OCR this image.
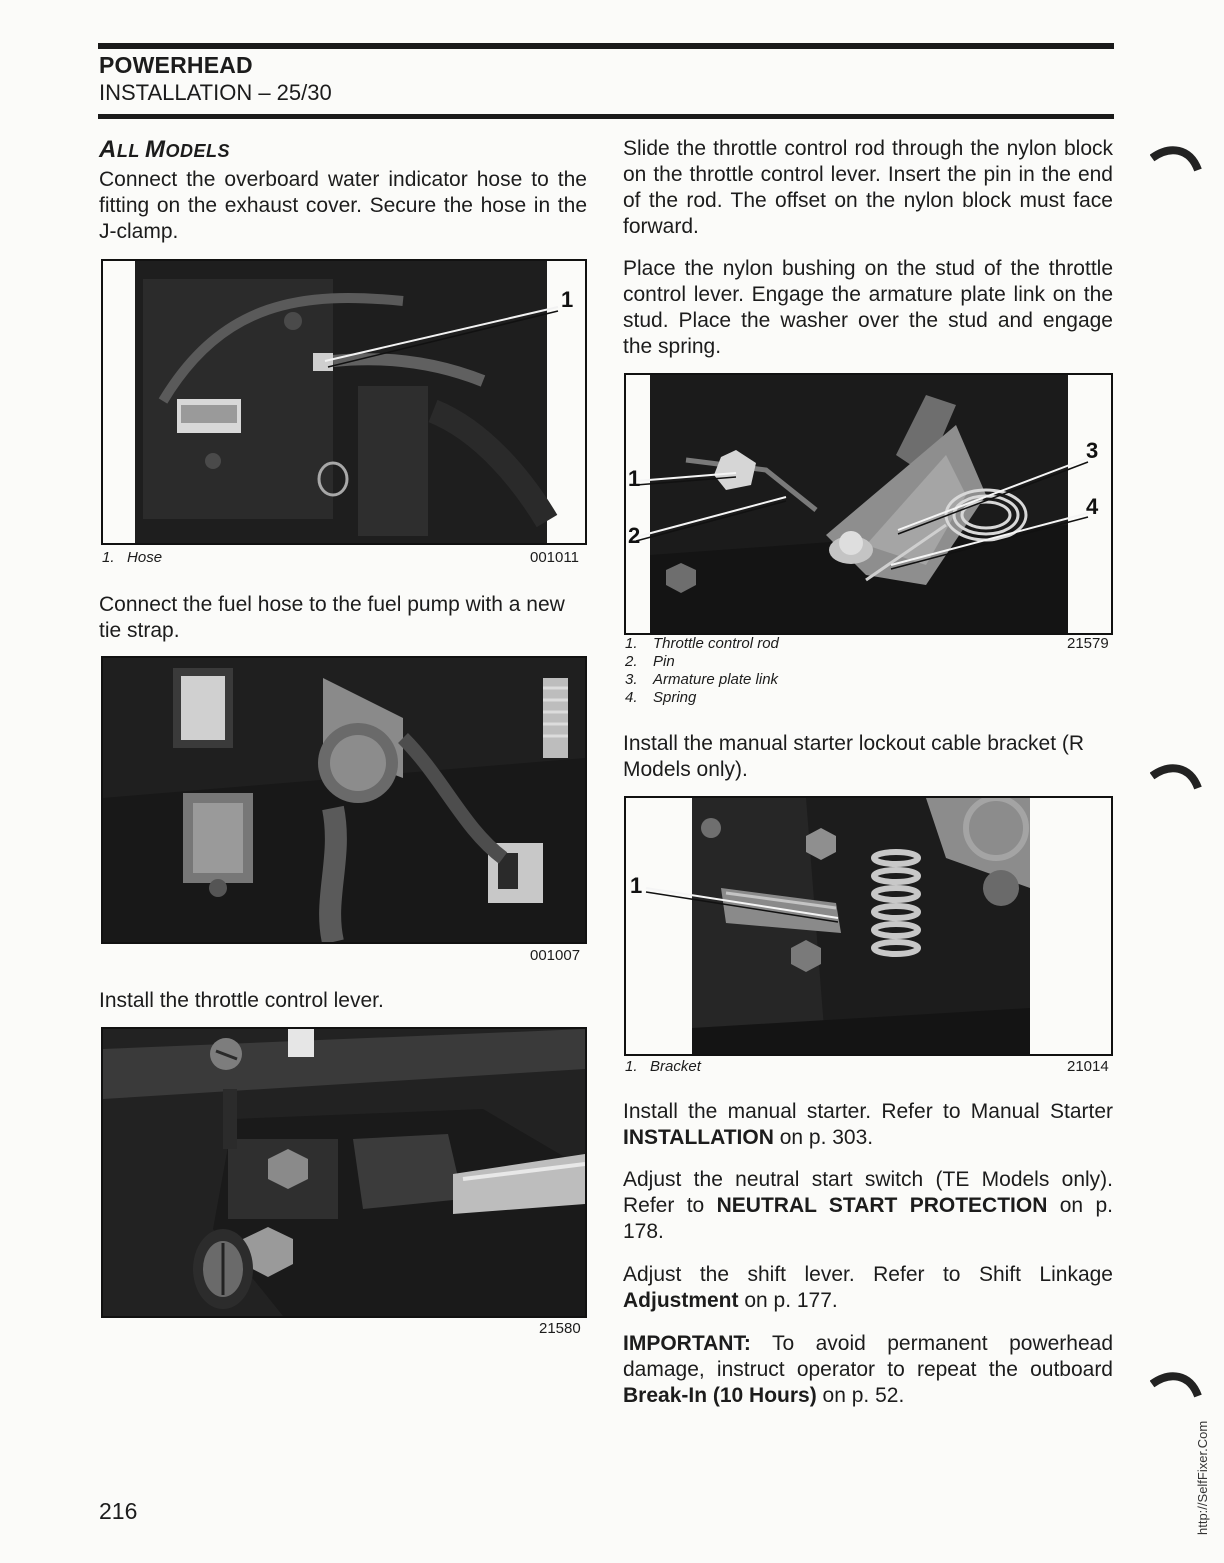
POWERHEAD
INSTALLATION – 25/30
ALL MODELS

Connect the overboard water indicator hose to the fitting on the exhaust cover. Secure the hose in the J-clamp.

1
1. Hose	001011

Connect the fuel hose to the fuel pump with a new tie strap.

001007

Install the throttle control lever.

21580

Slide the throttle control rod through the nylon block on the throttle control lever. Insert the pin in the end of the rod. The offset on the nylon block must face forward.

Place the nylon bushing on the stud of the throttle control lever. Engage the armature plate link on the stud. Place the washer over the stud and engage the spring.

1
2
3
4
1. Throttle control rod
2. Pin
3. Armature plate link
4. Spring
21579

Install the manual starter lockout cable bracket (R Models only).

1
1. Bracket	21014

Install the manual starter. Refer to Manual Starter INSTALLATION on p. 303.

Adjust the neutral start switch (TE Models only). Refer to NEUTRAL START PROTECTION on p. 178.

Adjust the shift lever. Refer to Shift Linkage Adjustment on p. 177.

IMPORTANT: To avoid permanent powerhead damage, instruct operator to repeat the outboard Break-In (10 Hours) on p. 52.

216	http://SelfFixer.Com
